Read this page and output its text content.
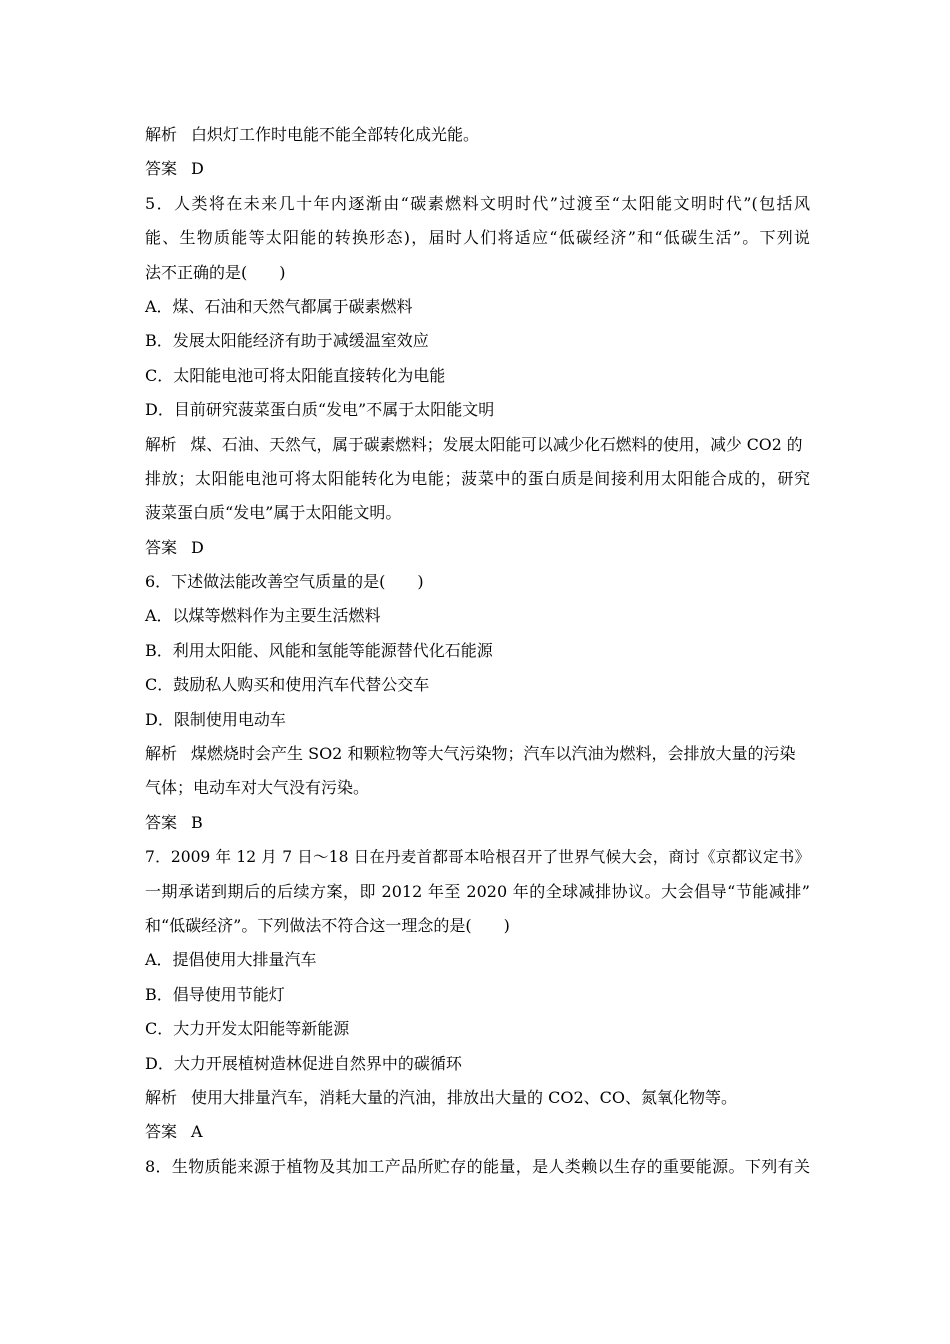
解析 白炽灯工作时电能不能全部转化成光能。
答案 D
5．人类将在未来几十年内逐渐由“碳素燃料文明时代”过渡至“太阳能文明时代”(包括风
能、生物质能等太阳能的转换形态)，届时人们将适应“低碳经济”和“低碳生活”。下列说
法不正确的是(　　)
A．煤、石油和天然气都属于碳素燃料
B．发展太阳能经济有助于减缓温室效应
C．太阳能电池可将太阳能直接转化为电能
D．目前研究菠菜蛋白质“发电”不属于太阳能文明
解析 煤、石油、天然气，属于碳素燃料；发展太阳能可以减少化石燃料的使用，减少 CO2 的
排放；太阳能电池可将太阳能转化为电能；菠菜中的蛋白质是间接利用太阳能合成的，研究
菠菜蛋白质“发电”属于太阳能文明。
答案 D
6．下述做法能改善空气质量的是(　　)
A．以煤等燃料作为主要生活燃料
B．利用太阳能、风能和氢能等能源替代化石能源
C．鼓励私人购买和使用汽车代替公交车
D．限制使用电动车
解析 煤燃烧时会产生 SO2 和颗粒物等大气污染物；汽车以汽油为燃料，会排放大量的污染
气体；电动车对大气没有污染。
答案 B
7．2009 年 12 月 7 日～18 日在丹麦首都哥本哈根召开了世界气候大会，商讨《京都议定书》
一期承诺到期后的后续方案，即 2012 年至 2020 年的全球减排协议。大会倡导“节能减排”
和“低碳经济”。下列做法不符合这一理念的是(　　)
A．提倡使用大排量汽车
B．倡导使用节能灯
C．大力开发太阳能等新能源
D．大力开展植树造林促进自然界中的碳循环
解析 使用大排量汽车，消耗大量的汽油，排放出大量的 CO2、CO、氮氧化物等。
答案 A
8．生物质能来源于植物及其加工产品所贮存的能量，是人类赖以生存的重要能源。下列有关
